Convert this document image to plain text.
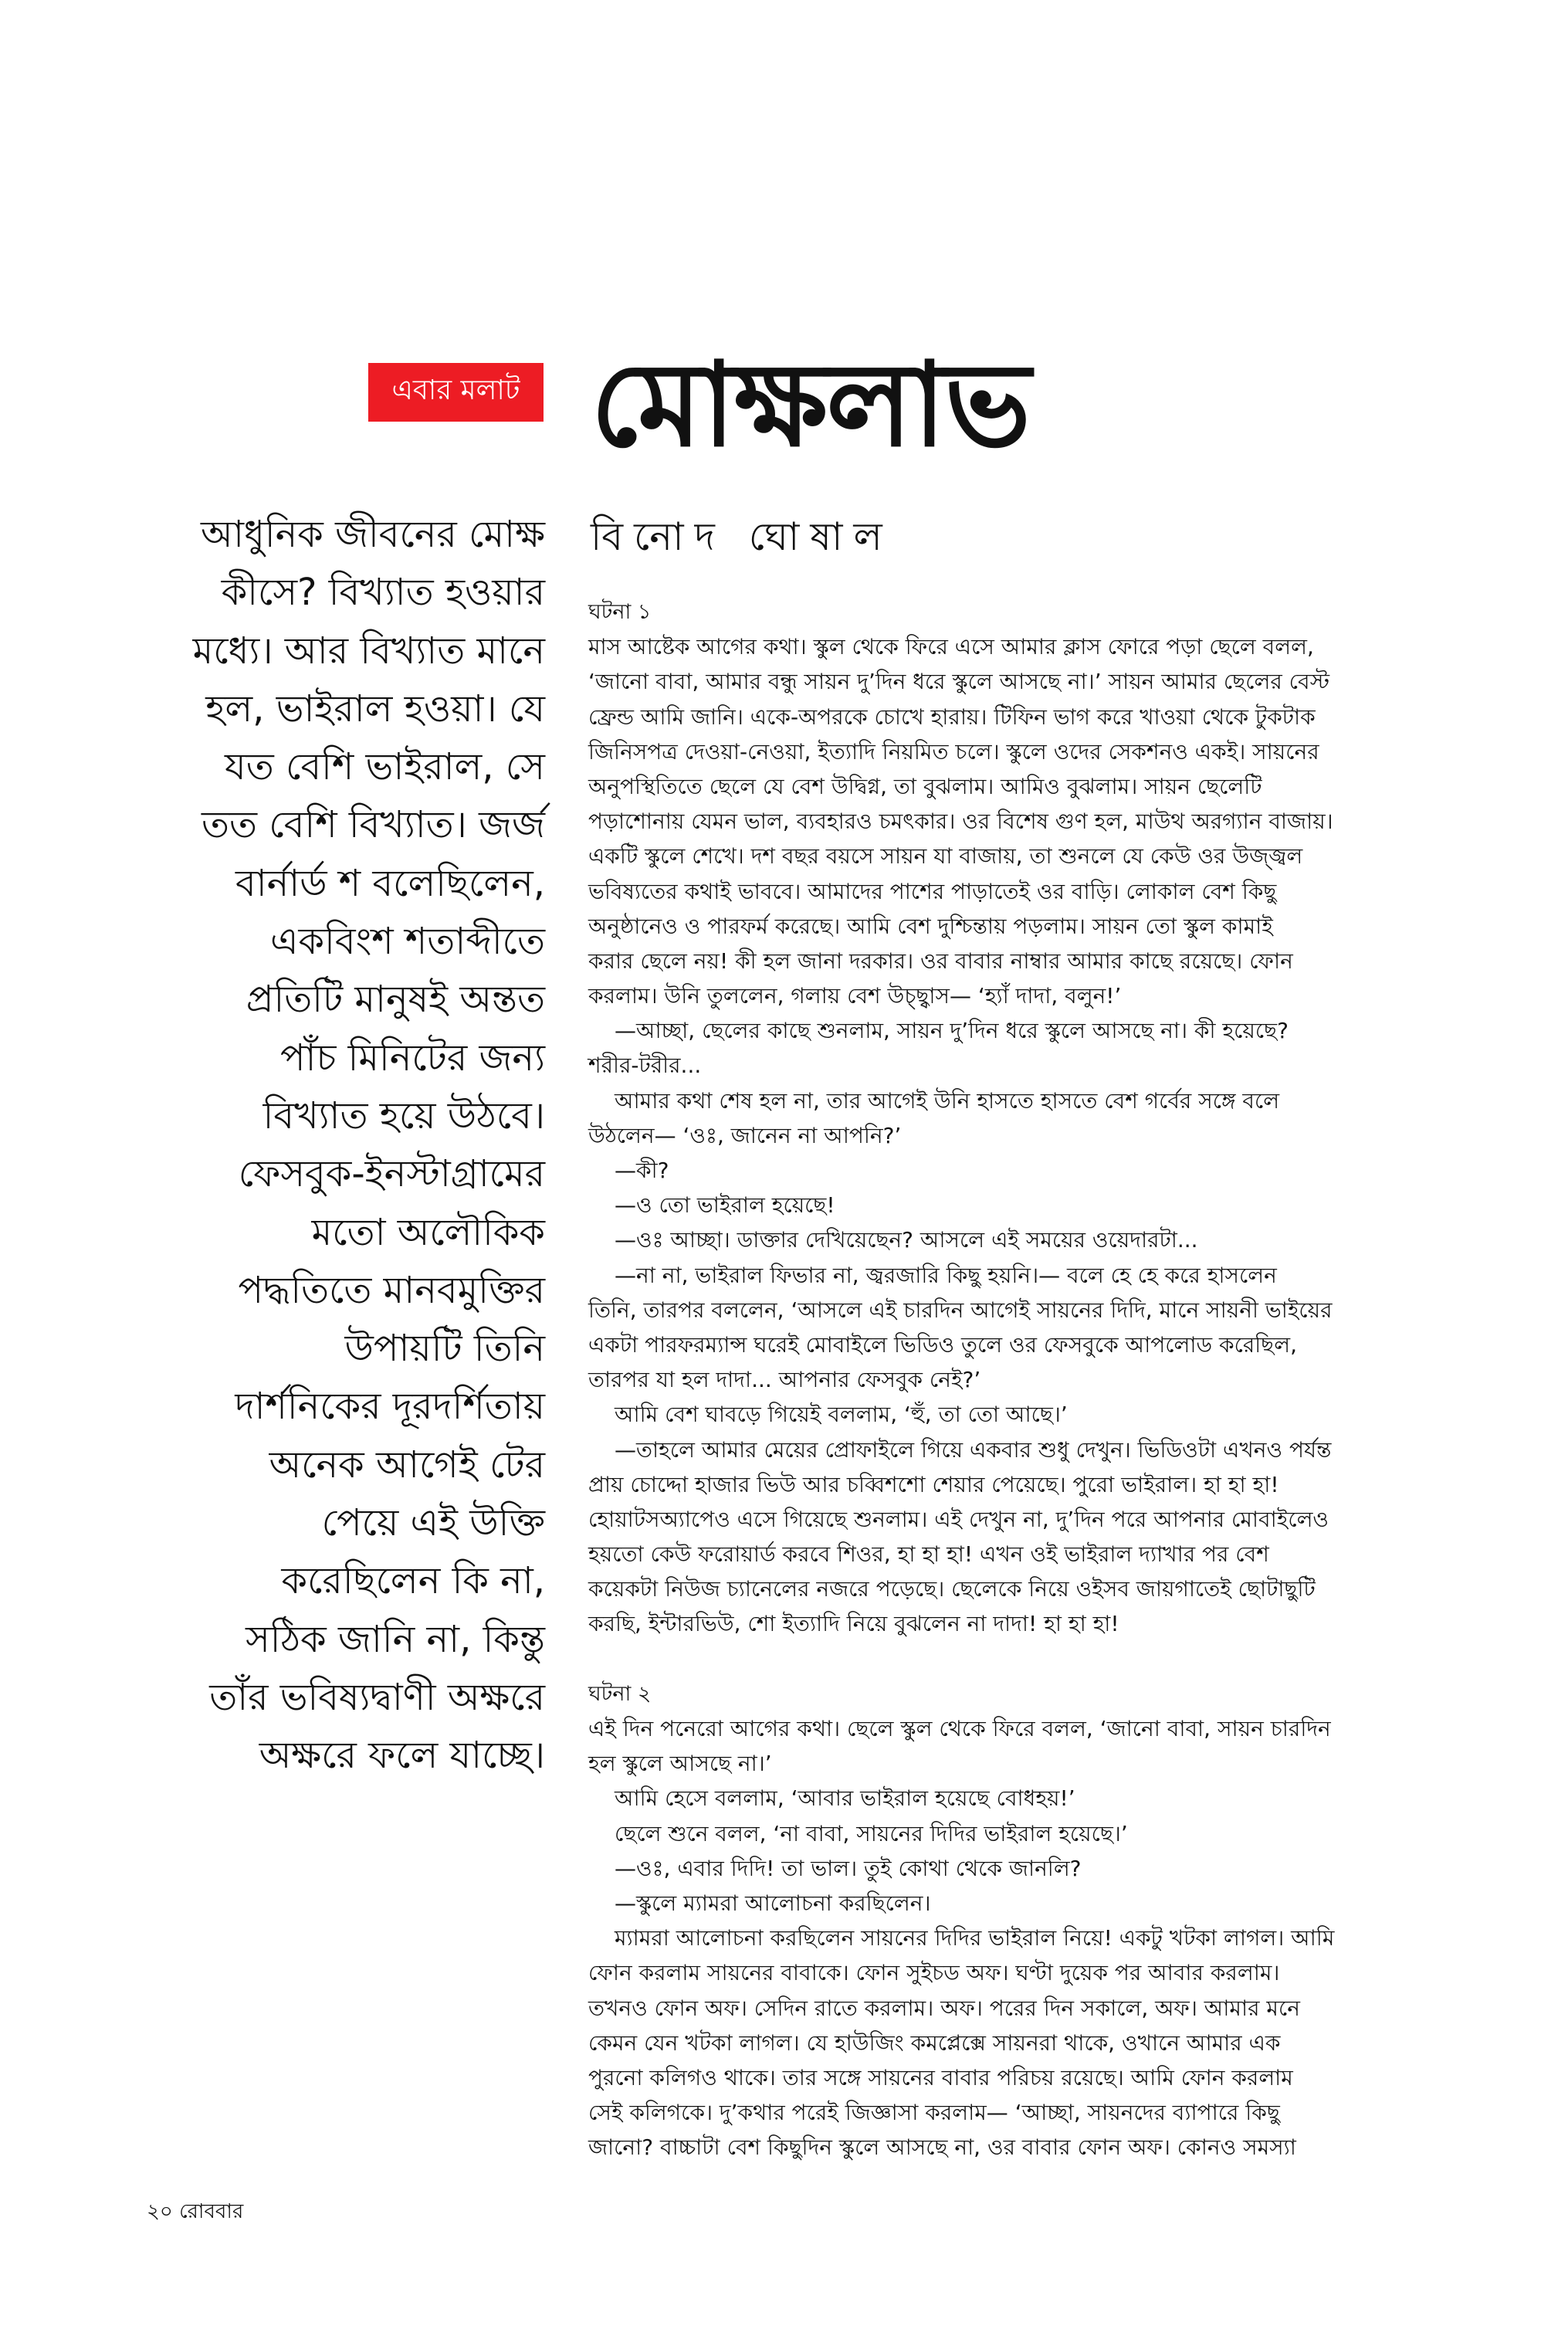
এবার মলাট মোক্ষলাভ
বিনোদ ঘোষাল
আধুনিক জীবনের মোক্ষ
কীসে? বিখ্যাত হওয়ার
মধ্যে। আর বিখ্যাত মানে
হল, ভাইরাল হওয়া। যে
যত বেশি ভাইরাল, সে
তত বেশি বিখ্যাত। জর্জ
বার্নার্ড শ বলেছিলেন,
একবিংশ শতাব্দীতে
প্রতিটি মানুষই অন্তত
পাঁচ মিনিটের জন্য
বিখ্যাত হয়ে উঠবে।
ফেসবুক-ইনস্টাগ্রামের
মতো অলৌকিক
পদ্ধতিতে মানবমুক্তির
উপায়টি তিনি
দার্শনিকের দূরদর্শিতায়
অনেক আগেই টের
পেয়ে এই উক্তি
করেছিলেন কি না,
সঠিক জানি না, কিন্তু
তাঁর ভবিষ্যদ্বাণী অক্ষরে
অক্ষরে ফলে যাচ্ছে।
ঘটনা ১
মাস আষ্টেক আগের কথা। স্কুল থেকে ফিরে এসে আমার ক্লাস ফোরে পড়া ছেলে বলল,
‘জানো বাবা, আমার বন্ধু সায়ন দু’দিন ধরে স্কুলে আসছে না।’ সায়ন আমার ছেলের বেস্ট
ফ্রেন্ড আমি জানি। একে-অপরকে চোখে হারায়। টিফিন ভাগ করে খাওয়া থেকে টুকটাক
জিনিসপত্র দেওয়া-নেওয়া, ইত্যাদি নিয়মিত চলে। স্কুলে ওদের সেকশনও একই। সায়নের
অনুপস্থিতিতে ছেলে যে বেশ উদ্বিগ্ন, তা বুঝলাম। আমিও বুঝলাম। সায়ন ছেলেটি
পড়াশোনায় যেমন ভাল, ব্যবহারও চমৎকার। ওর বিশেষ গুণ হল, মাউথ অরগ্যান বাজায়।
একটি স্কুলে শেখে। দশ বছর বয়সে সায়ন যা বাজায়, তা শুনলে যে কেউ ওর উজ্জ্বল
ভবিষ্যতের কথাই ভাববে। আমাদের পাশের পাড়াতেই ওর বাড়ি। লোকাল বেশ কিছু
অনুষ্ঠানেও ও পারফর্ম করেছে। আমি বেশ দুশ্চিন্তায় পড়লাম। সায়ন তো স্কুল কামাই
করার ছেলে নয়! কী হল জানা দরকার। ওর বাবার নাম্বার আমার কাছে রয়েছে। ফোন
করলাম। উনি তুললেন, গলায় বেশ উচ্ছ্বাস— ‘হ্যাঁ দাদা, বলুন!’
—আচ্ছা, ছেলের কাছে শুনলাম, সায়ন দু’দিন ধরে স্কুলে আসছে না। কী হয়েছে?
শরীর-টরীর...
আমার কথা শেষ হল না, তার আগেই উনি হাসতে হাসতে বেশ গর্বের সঙ্গে বলে
উঠলেন— ‘ওঃ, জানেন না আপনি?’
—কী?
—ও তো ভাইরাল হয়েছে!
—ওঃ আচ্ছা। ডাক্তার দেখিয়েছেন? আসলে এই সময়ের ওয়েদারটা...
—না না, ভাইরাল ফিভার না, জ্বরজারি কিছু হয়নি।— বলে হে হে করে হাসলেন
তিনি, তারপর বললেন, ‘আসলে এই চারদিন আগেই সায়নের দিদি, মানে সায়নী ভাইয়ের
একটা পারফরম্যান্স ঘরেই মোবাইলে ভিডিও তুলে ওর ফেসবুকে আপলোড করেছিল,
তারপর যা হল দাদা... আপনার ফেসবুক নেই?’
আমি বেশ ঘাবড়ে গিয়েই বললাম, ‘হুঁ, তা তো আছে।’
—তাহলে আমার মেয়ের প্রোফাইলে গিয়ে একবার শুধু দেখুন। ভিডিওটা এখনও পর্যন্ত
প্রায় চোদ্দো হাজার ভিউ আর চব্বিশশো শেয়ার পেয়েছে। পুরো ভাইরাল। হা হা হা!
হোয়াটসঅ্যাপেও এসে গিয়েছে শুনলাম। এই দেখুন না, দু’দিন পরে আপনার মোবাইলেও
হয়তো কেউ ফরোয়ার্ড করবে শিওর, হা হা হা! এখন ওই ভাইরাল দ্যাখার পর বেশ
কয়েকটা নিউজ চ্যানেলের নজরে পড়েছে। ছেলেকে নিয়ে ওইসব জায়গাতেই ছোটাছুটি
করছি, ইন্টারভিউ, শো ইত্যাদি নিয়ে বুঝলেন না দাদা! হা হা হা!
ঘটনা ২
এই দিন পনেরো আগের কথা। ছেলে স্কুল থেকে ফিরে বলল, ‘জানো বাবা, সায়ন চারদিন
হল স্কুলে আসছে না।’
আমি হেসে বললাম, ‘আবার ভাইরাল হয়েছে বোধহয়!’
ছেলে শুনে বলল, ‘না বাবা, সায়নের দিদির ভাইরাল হয়েছে।’
—ওঃ, এবার দিদি! তা ভাল। তুই কোথা থেকে জানলি?
—স্কুলে ম্যামরা আলোচনা করছিলেন।
ম্যামরা আলোচনা করছিলেন সায়নের দিদির ভাইরাল নিয়ে! একটু খটকা লাগল। আমি
ফোন করলাম সায়নের বাবাকে। ফোন সুইচড অফ। ঘণ্টা দুয়েক পর আবার করলাম।
তখনও ফোন অফ। সেদিন রাতে করলাম। অফ। পরের দিন সকালে, অফ। আমার মনে
কেমন যেন খটকা লাগল। যে হাউজিং কমপ্লেক্সে সায়নরা থাকে, ওখানে আমার এক
পুরনো কলিগও থাকে। তার সঙ্গে সায়নের বাবার পরিচয় রয়েছে। আমি ফোন করলাম
সেই কলিগকে। দু’কথার পরেই জিজ্ঞাসা করলাম— ‘আচ্ছা, সায়নদের ব্যাপারে কিছু
জানো? বাচ্চাটা বেশ কিছুদিন স্কুলে আসছে না, ওর বাবার ফোন অফ। কোনও সমস্যা
২০ রোববার
